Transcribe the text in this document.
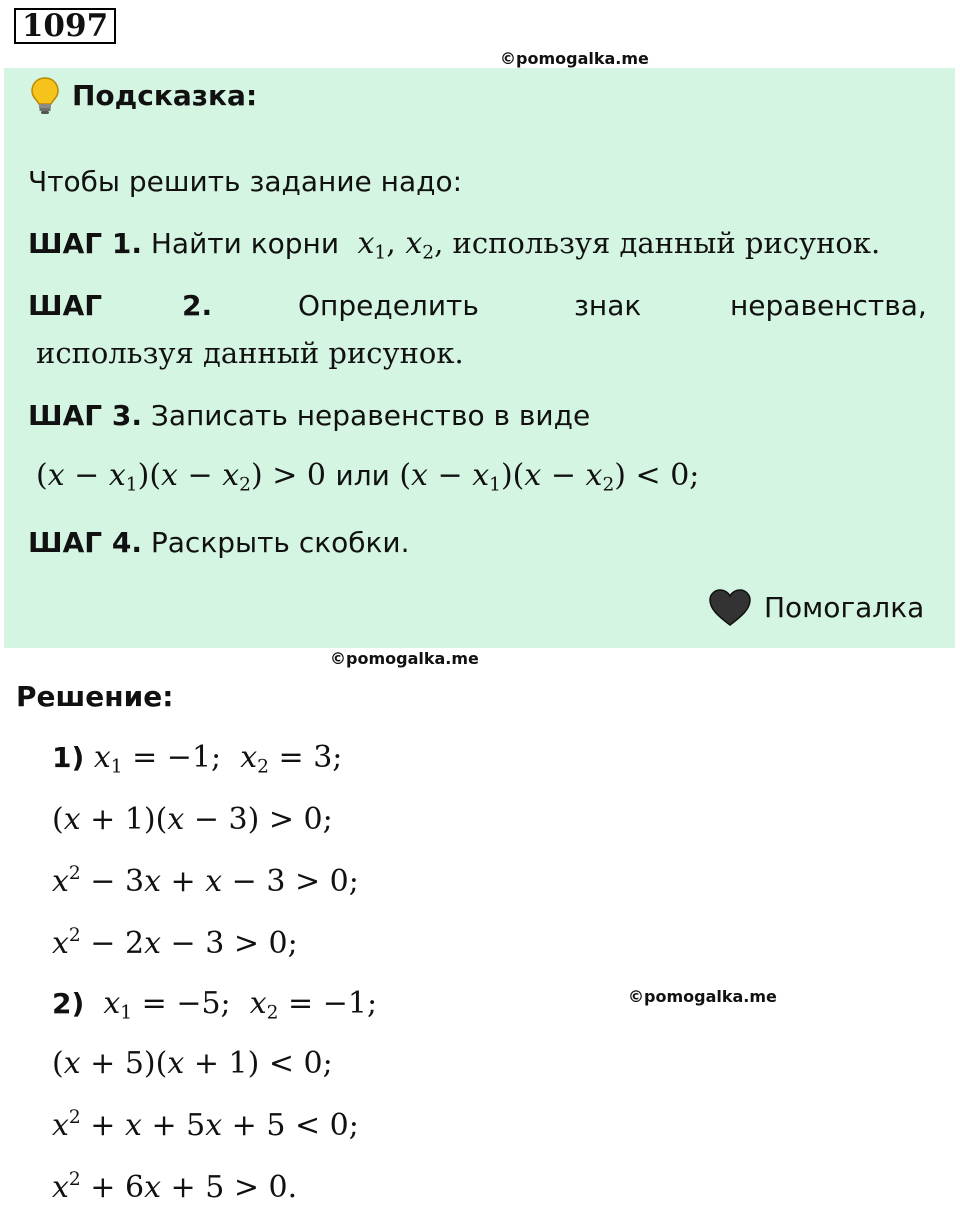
1097
©pomogalka.me
Подсказка:
Чтобы решить задание надо:
ШАГ 1. Найти корни $x_1$, $x_2$, используя данный рисунок.
ШАГ	2.	Определить	знак	неравенства,
используя данный рисунок.
ШАГ 3. Записать неравенство в виде
$(x - x_1)(x - x_2) > 0$ или $(x - x_1)(x - x_2) < 0$;
ШАГ 4. Раскрыть скобки.
Помогалка
©pomogalka.me
Решение:
1) $x_1 = -1$;  $x_2 = 3$;
(x + 1)(x − 3) > 0;
$x^2 - 3x + x - 3 > 0$;
$x^2 - 2x - 3 > 0$;
©pomogalka.me
2) $x_1 = -5$;  $x_2 = -1$;
(x + 5)(x + 1) < 0;
$x^2 + x + 5x + 5 < 0$;
$x^2 + 6x + 5 > 0$.
